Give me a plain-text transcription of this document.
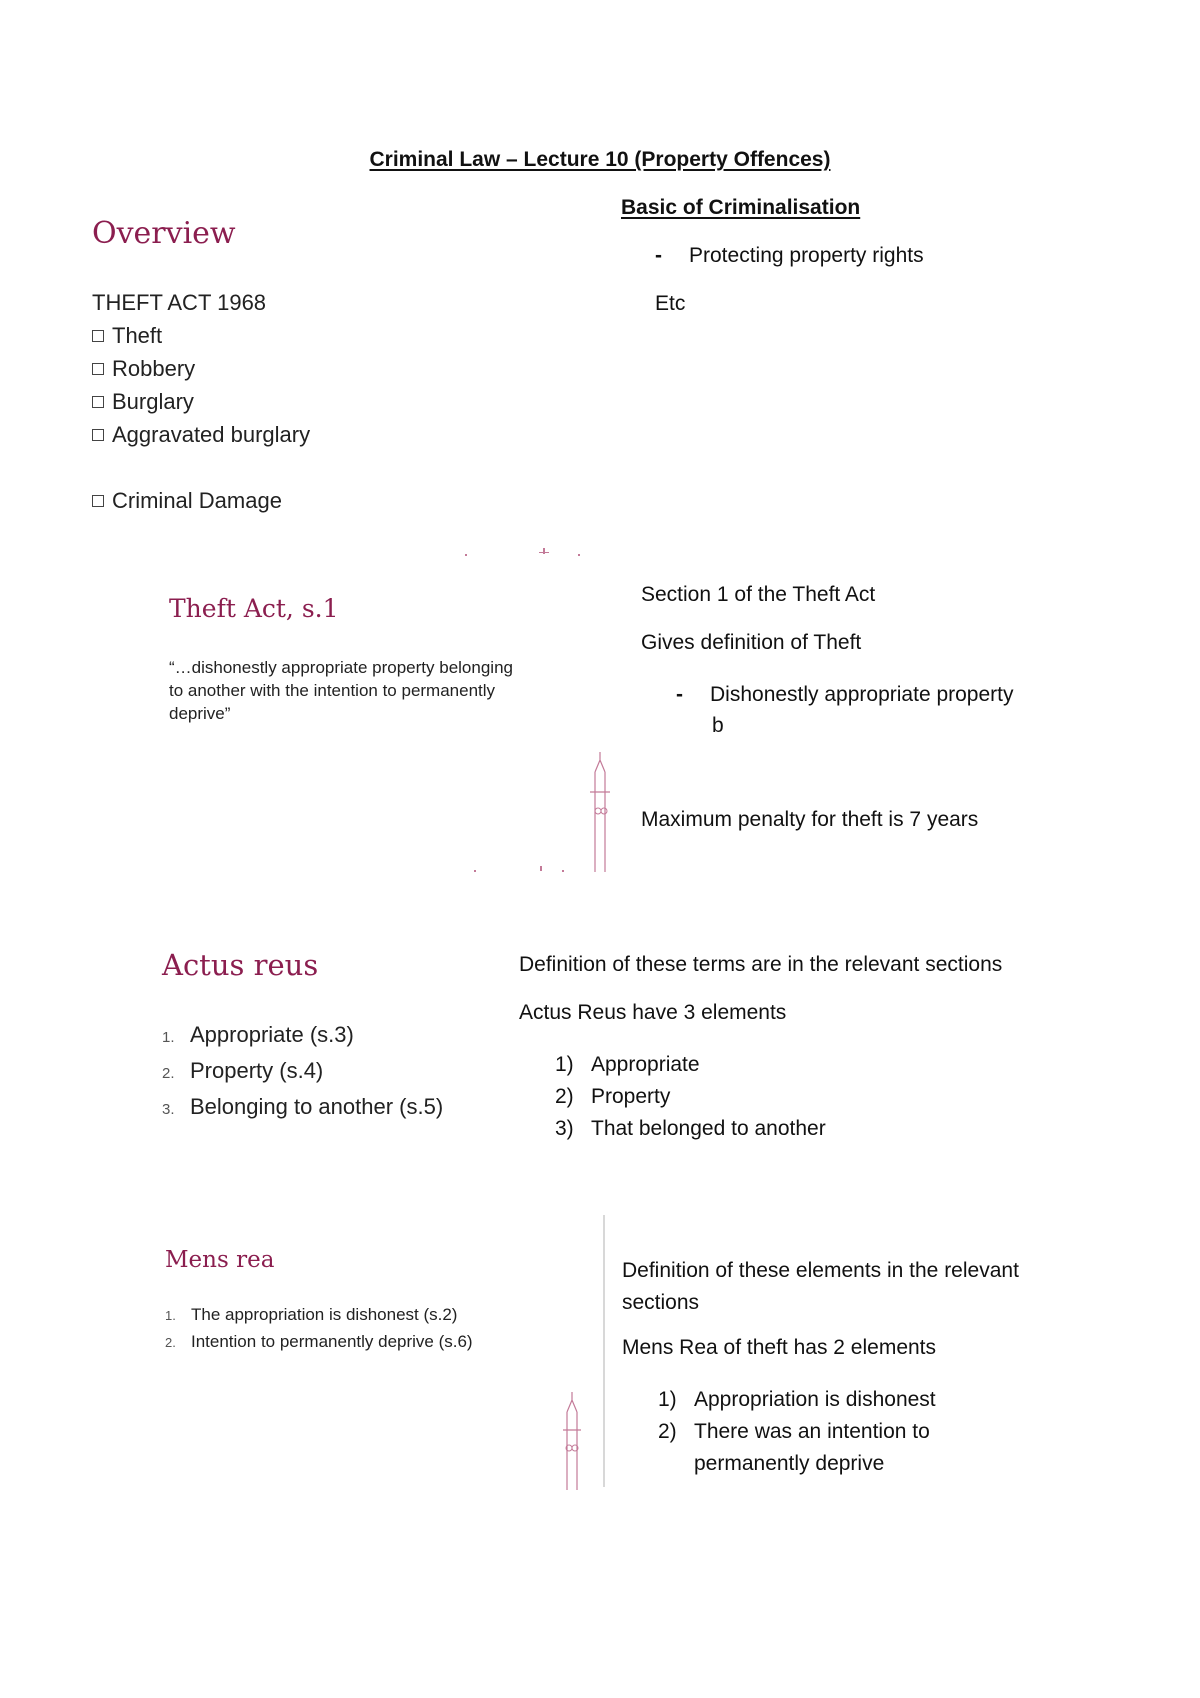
Criminal Law – Lecture 10 (Property Offences)
Overview
THEFT ACT 1968
Theft
Robbery
Burglary
Aggravated burglary
Criminal Damage
Basic of Criminalisation
- Protecting property rights
Etc
Theft Act, s.1
“…dishonestly appropriate property belonging
to another with the intention to permanently
deprive”
Section 1 of the Theft Act
Gives definition of Theft
- Dishonestly appropriate property
b
Maximum penalty for theft is 7 years
Actus reus
1. Appropriate (s.3)
2. Property (s.4)
3. Belonging to another (s.5)
Definition of these terms are in the relevant sections
Actus Reus have 3 elements
1) Appropriate
2) Property
3) That belonged to another
Mens rea
1. The appropriation is dishonest (s.2)
2. Intention to permanently deprive (s.6)
Definition of these elements in the relevant
sections
Mens Rea of theft has 2 elements
1) Appropriation is dishonest
2) There was an intention to
permanently deprive
